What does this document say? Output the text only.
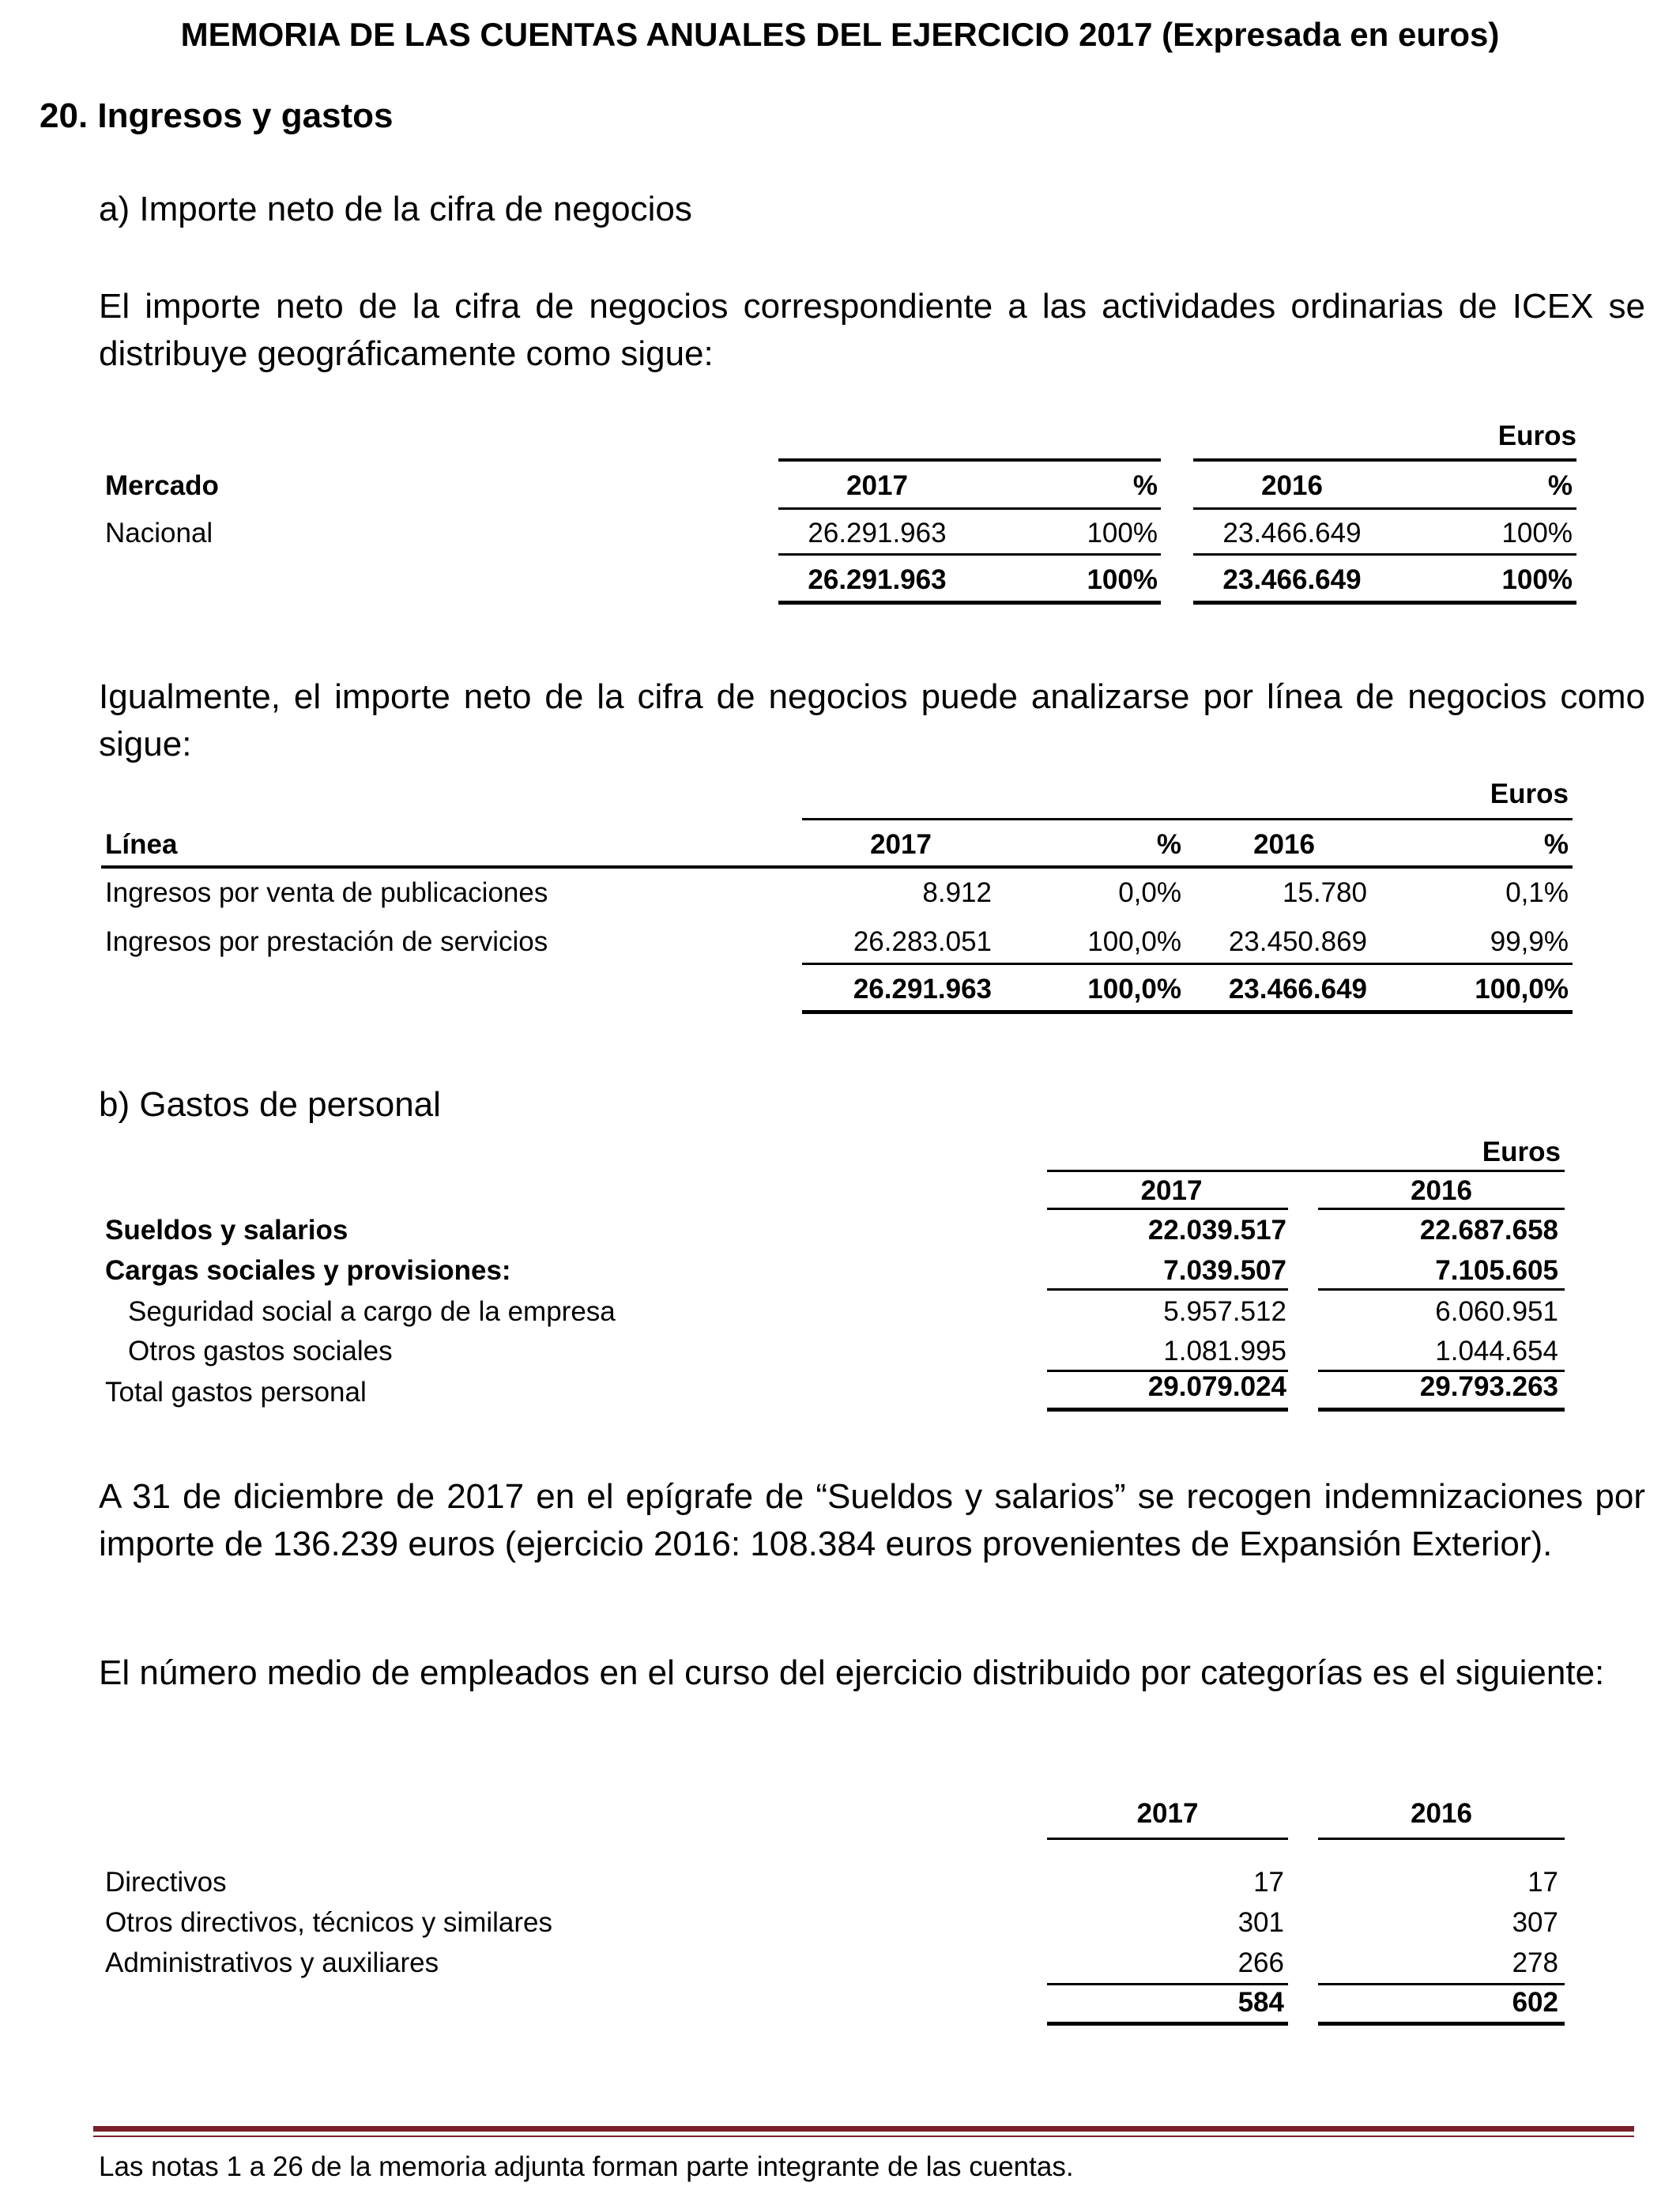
MEMORIA DE LAS CUENTAS ANUALES DEL EJERCICIO 2017 (Expresada en euros)
20. Ingresos y gastos
a) Importe neto de la cifra de negocios
El importe neto de la cifra de negocios correspondiente a las actividades ordinarias de ICEX se distribuye geográficamente como sigue:
Euros
Mercado	2017	%	2016	%
Nacional	26.291.963	100%	23.466.649	100%
26.291.963	100%	23.466.649	100%
Igualmente, el importe neto de la cifra de negocios puede analizarse por línea de negocios como sigue:
Euros
Línea	2017	%	2016	%
Ingresos por venta de publicaciones	8.912	0,0%	15.780	0,1%
Ingresos por prestación de servicios	26.283.051	100,0%	23.450.869	99,9%
26.291.963	100,0%	23.466.649	100,0%
b) Gastos de personal
Euros
2017	2016
Sueldos y salarios	22.039.517	22.687.658
Cargas sociales y provisiones:	7.039.507	7.105.605
Seguridad social a cargo de la empresa	5.957.512	6.060.951
Otros gastos sociales	1.081.995	1.044.654
Total gastos personal	29.079.024	29.793.263
A 31 de diciembre de 2017 en el epígrafe de “Sueldos y salarios” se recogen indemnizaciones por importe de 136.239 euros (ejercicio 2016: 108.384 euros provenientes de Expansión Exterior).
El número medio de empleados en el curso del ejercicio distribuido por categorías es el siguiente:
2017	2016
Directivos	17	17
Otros directivos, técnicos y similares	301	307
Administrativos y auxiliares	266	278
584	602
Las notas 1 a 26 de la memoria adjunta forman parte integrante de las cuentas.
